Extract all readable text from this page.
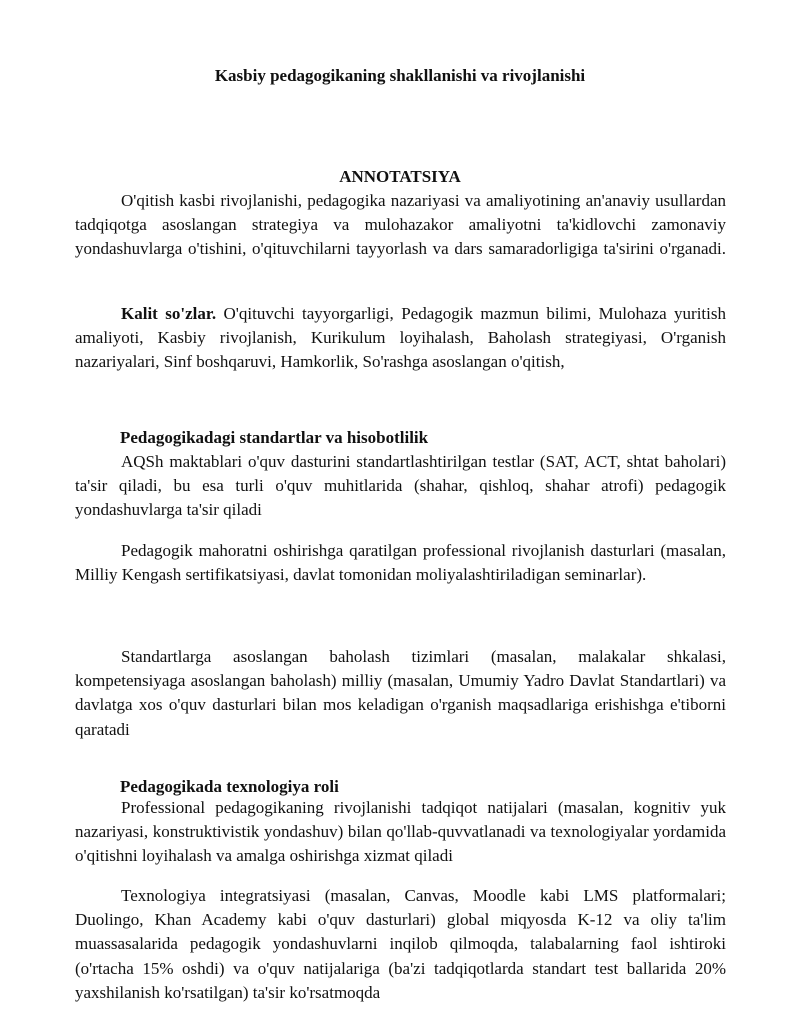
Kasbiy pedagogikaning shakllanishi va rivojlanishi
ANNOTATSIYA

O'qitish kasbi rivojlanishi, pedagogika nazariyasi va amaliyotining an'anaviy usullardan tadqiqotga asoslangan strategiya va mulohazakor amaliyotni ta'kidlovchi zamonaviy yondashuvlarga o'tishini, o'qituvchilarni tayyorlash va dars samaradorligiga ta'sirini o'rganadi.

Kalit so'zlar. O'qituvchi tayyorgarligi, Pedagogik mazmun bilimi, Mulohaza yuritish amaliyoti, Kasbiy rivojlanish, Kurikulum loyihalash, Baholash strategiyasi, O'rganish nazariyalari, Sinf boshqaruvi, Hamkorlik, So'rashga asoslangan o'qitish,

Pedagogikadagi standartlar va hisobotlilik

AQSh maktablari o'quv dasturini standartlashtirilgan testlar (SAT, ACT, shtat baholari) ta'sir qiladi, bu esa turli o'quv muhitlarida (shahar, qishloq, shahar atrofi) pedagogik yondashuvlarga ta'sir qiladi

Pedagogik mahoratni oshirishga qaratilgan professional rivojlanish dasturlari (masalan, Milliy Kengash sertifikatsiyasi, davlat tomonidan moliyalashtiriladigan seminarlar).

Standartlarga asoslangan baholash tizimlari (masalan, malakalar shkalasi, kompetensiyaga asoslangan baholash) milliy (masalan, Umumiy Yadro Davlat Standartlari) va davlatga xos o'quv dasturlari bilan mos keladigan o'rganish maqsadlariga erishishga e'tiborni qaratadi

Pedagogikada texnologiya roli

Professional pedagogikaning rivojlanishi tadqiqot natijalari (masalan, kognitiv yuk nazariyasi, konstruktivistik yondashuv) bilan qo'llab-quvvatlanadi va texnologiyalar yordamida o'qitishni loyihalash va amalga oshirishga xizmat qiladi

Texnologiya integratsiyasi (masalan, Canvas, Moodle kabi LMS platformalari; Duolingo, Khan Academy kabi o'quv dasturlari) global miqyosda K-12 va oliy ta'lim muassasalarida pedagogik yondashuvlarni inqilob qilmoqda, talabalarning faol ishtiroki (o'rtacha 15% oshdi) va o'quv natijalariga (ba'zi tadqiqotlarda standart test ballarida 20% yaxshilanish ko'rsatilgan) ta'sir ko'rsatmoqda
